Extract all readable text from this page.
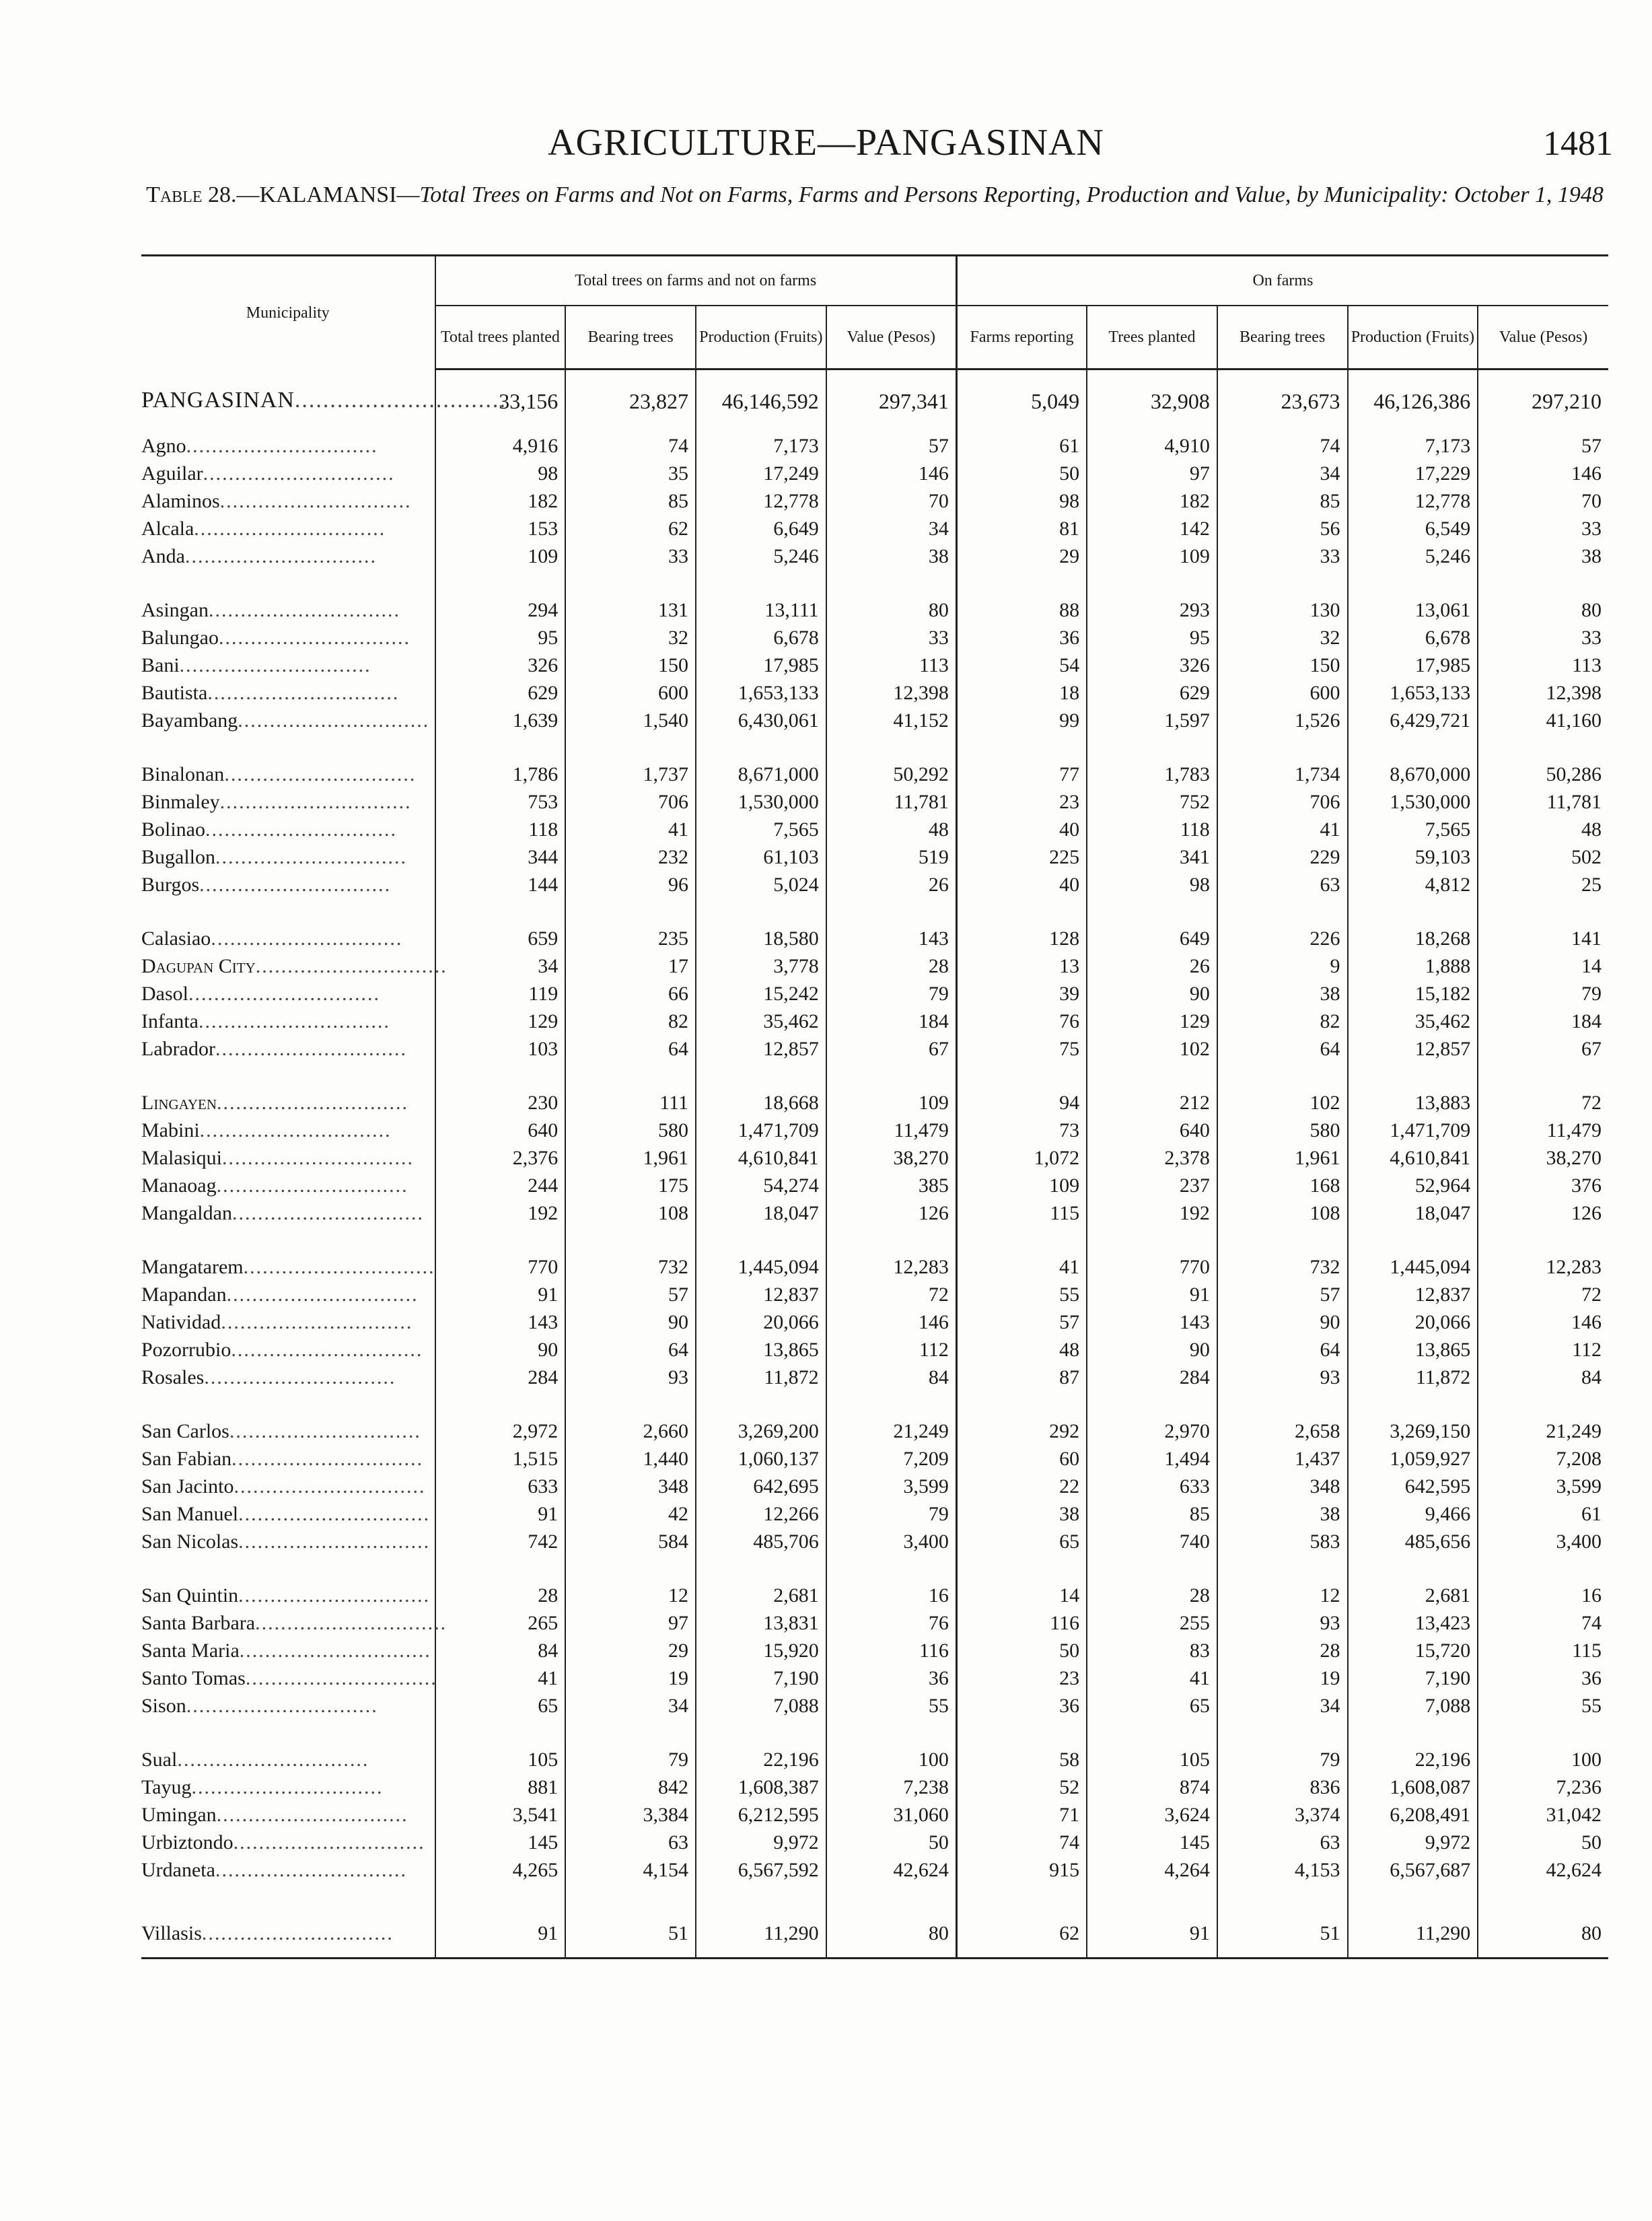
AGRICULTURE—PANGASINAN	1481
Table 28.—KALAMANSI—Total Trees on Farms and Not on Farms, Farms and Persons Reporting, Production and Value, by Municipality: October 1, 1948
Municipality	Total trees on farms and not on farms				On farms				
	Total trees planted	Bearing trees	Production (Fruits)	Value (Pesos)	Farms reporting	Trees planted	Bearing trees	Production (Fruits)	Value (Pesos)
PANGASINAN..............................	33,156	23,827	46,146,592	297,341	5,049	32,908	23,673	46,126,386	297,210
Agno..............................	4,916	74	7,173	57	61	4,910	74	7,173	57
Aguilar..............................	98	35	17,249	146	50	97	34	17,229	146
Alaminos..............................	182	85	12,778	70	98	182	85	12,778	70
Alcala..............................	153	62	6,649	34	81	142	56	6,549	33
Anda..............................	109	33	5,246	38	29	109	33	5,246	38

Asingan..............................	294	131	13,111	80	88	293	130	13,061	80
Balungao..............................	95	32	6,678	33	36	95	32	6,678	33
Bani..............................	326	150	17,985	113	54	326	150	17,985	113
Bautista..............................	629	600	1,653,133	12,398	18	629	600	1,653,133	12,398
Bayambang..............................	1,639	1,540	6,430,061	41,152	99	1,597	1,526	6,429,721	41,160

Binalonan..............................	1,786	1,737	8,671,000	50,292	77	1,783	1,734	8,670,000	50,286
Binmaley..............................	753	706	1,530,000	11,781	23	752	706	1,530,000	11,781
Bolinao..............................	118	41	7,565	48	40	118	41	7,565	48
Bugallon..............................	344	232	61,103	519	225	341	229	59,103	502
Burgos..............................	144	96	5,024	26	40	98	63	4,812	25

Calasiao..............................	659	235	18,580	143	128	649	226	18,268	141
Dagupan City..............................	34	17	3,778	28	13	26	9	1,888	14
Dasol..............................	119	66	15,242	79	39	90	38	15,182	79
Infanta..............................	129	82	35,462	184	76	129	82	35,462	184
Labrador..............................	103	64	12,857	67	75	102	64	12,857	67

Lingayen..............................	230	111	18,668	109	94	212	102	13,883	72
Mabini..............................	640	580	1,471,709	11,479	73	640	580	1,471,709	11,479
Malasiqui..............................	2,376	1,961	4,610,841	38,270	1,072	2,378	1,961	4,610,841	38,270
Manaoag..............................	244	175	54,274	385	109	237	168	52,964	376
Mangaldan..............................	192	108	18,047	126	115	192	108	18,047	126

Mangatarem..............................	770	732	1,445,094	12,283	41	770	732	1,445,094	12,283
Mapandan..............................	91	57	12,837	72	55	91	57	12,837	72
Natividad..............................	143	90	20,066	146	57	143	90	20,066	146
Pozorrubio..............................	90	64	13,865	112	48	90	64	13,865	112
Rosales..............................	284	93	11,872	84	87	284	93	11,872	84

San Carlos..............................	2,972	2,660	3,269,200	21,249	292	2,970	2,658	3,269,150	21,249
San Fabian..............................	1,515	1,440	1,060,137	7,209	60	1,494	1,437	1,059,927	7,208
San Jacinto..............................	633	348	642,695	3,599	22	633	348	642,595	3,599
San Manuel..............................	91	42	12,266	79	38	85	38	9,466	61
San Nicolas..............................	742	584	485,706	3,400	65	740	583	485,656	3,400

San Quintin..............................	28	12	2,681	16	14	28	12	2,681	16
Santa Barbara..............................	265	97	13,831	76	116	255	93	13,423	74
Santa Maria..............................	84	29	15,920	116	50	83	28	15,720	115
Santo Tomas..............................	41	19	7,190	36	23	41	19	7,190	36
Sison..............................	65	34	7,088	55	36	65	34	7,088	55

Sual..............................	105	79	22,196	100	58	105	79	22,196	100
Tayug..............................	881	842	1,608,387	7,238	52	874	836	1,608,087	7,236
Umingan..............................	3,541	3,384	6,212,595	31,060	71	3,624	3,374	6,208,491	31,042
Urbiztondo..............................	145	63	9,972	50	74	145	63	9,972	50
Urdaneta..............................	4,265	4,154	6,567,592	42,624	915	4,264	4,153	6,567,687	42,624

Villasis..............................	91	51	11,290	80	62	91	51	11,290	80
